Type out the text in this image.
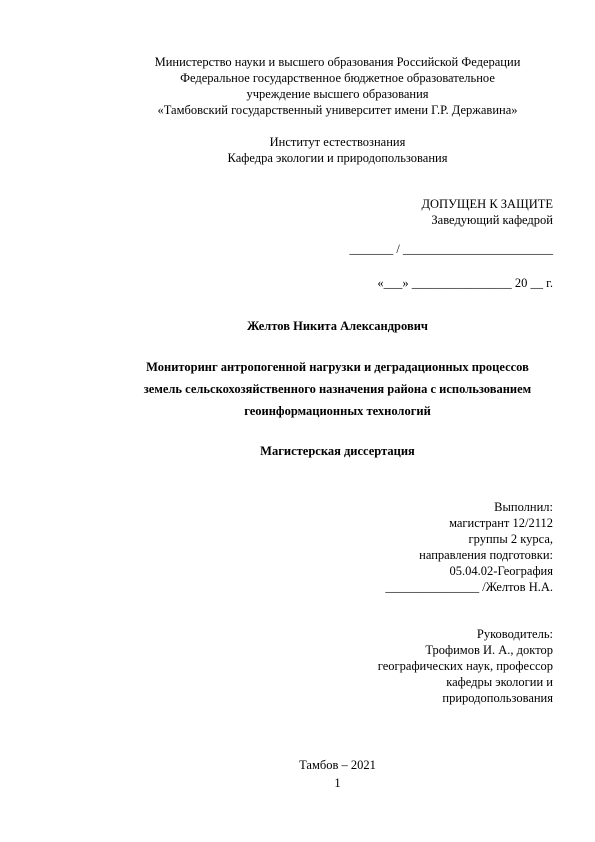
Министерство науки и высшего образования Российской Федерации
Федеральное государственное бюджетное образовательное
учреждение высшего образования
«Тамбовский государственный университет имени Г.Р. Державина»
Институт естествознания
Кафедра экологии и природопользования
ДОПУЩЕН К ЗАЩИТЕ
Заведующий кафедрой
_______ / ________________________
«___» ________________ 20 __ г.
Желтов Никита Александрович
Мониторинг антропогенной нагрузки и деградационных процессов
земель сельскохозяйственного назначения района с использованием
геоинформационных технологий
Магистерская диссертация
Выполнил:
магистрант 12/2112
группы 2 курса,
направления подготовки:
05.04.02-География
_______________ /Желтов Н.А.
Руководитель:
Трофимов И. А., доктор
географических наук, профессор
кафедры экологии и
природопользования
Тамбов – 2021
1
